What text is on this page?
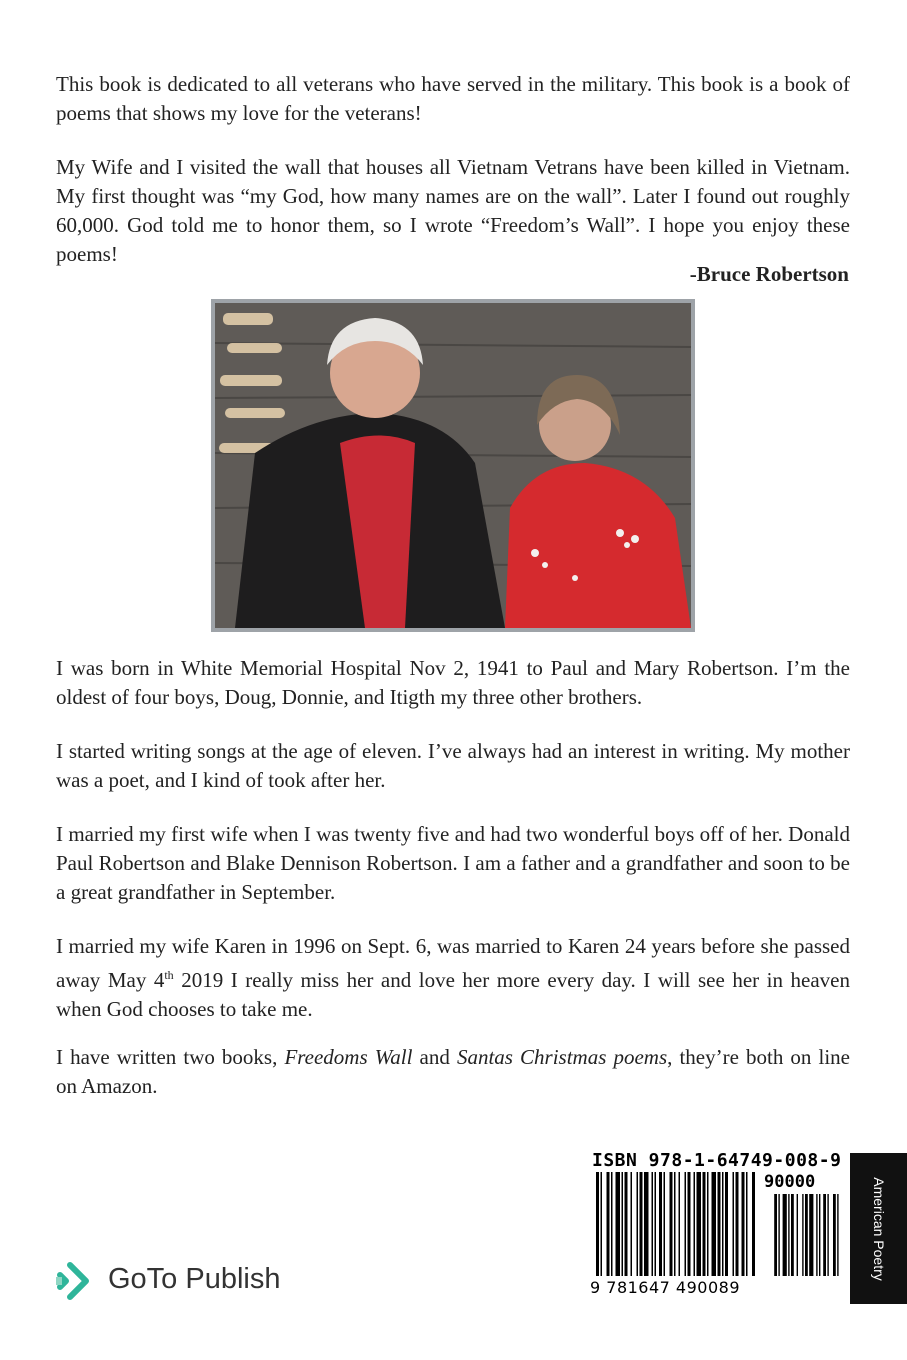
This book is dedicated to all veterans who have served in the military. This book is a book of poems that shows my love for the veterans!

My Wife and I visited the wall that houses all Vietnam Vetrans have been killed in Vietnam. My first thought was “my God, how many names are on the wall”. Later I found out roughly 60,000. God told me to honor them, so I wrote “Freedom’s Wall”. I hope you enjoy these poems!

-Bruce Robertson

I was born in White Memorial Hospital Nov 2, 1941 to Paul and Mary Robertson. I’m the oldest of four boys, Doug, Donnie, and Itigth my three other brothers.

I started writing songs at the age of eleven. I’ve always had an interest in writing. My mother was a poet, and I kind of took after her.

I married my first wife when I was twenty five and had two wonderful boys off of her. Donald Paul Robertson and Blake Dennison Robertson. I am a father and a grandfather and soon to be a great grandfather in September.

I married my wife Karen in 1996 on Sept. 6, was married to Karen 24 years before she passed away May 4th 2019 I really miss her and love her more every day. I will see her in heaven when God chooses to take me.

I have written two books, Freedoms Wall and Santas Christmas poems, they’re both on line on Amazon.

ISBN 978-1-64749-008-9
90000
9 781647 490089
American Poetry
GoTo Publish
